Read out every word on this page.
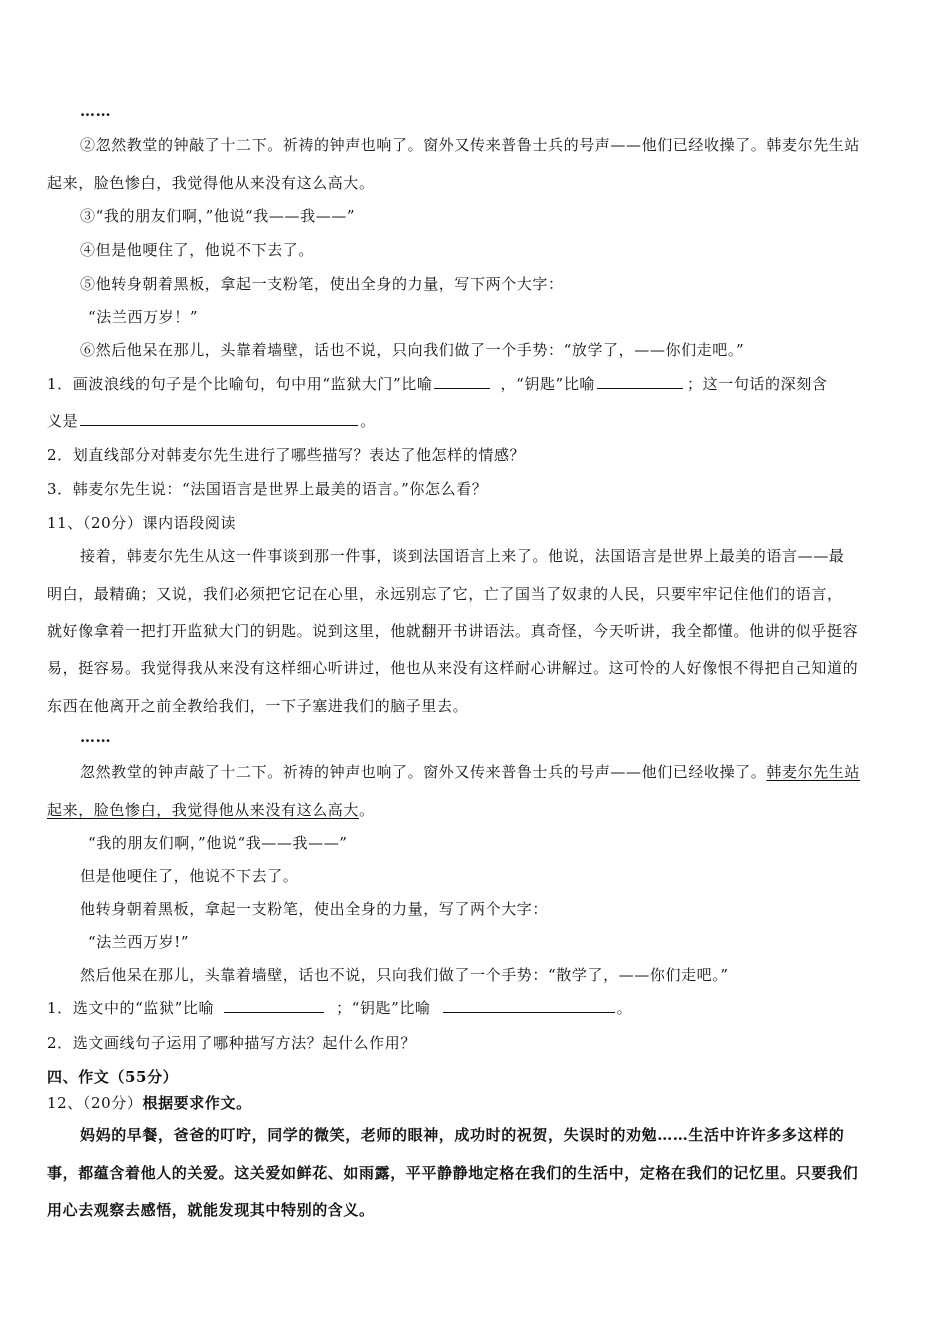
……
②忽然教堂的钟敲了十二下。祈祷的钟声也响了。窗外又传来普鲁士兵的号声——他们已经收操了。韩麦尔先生站
起来，脸色惨白，我觉得他从来没有这么高大。
③“我的朋友们啊，”他说“我——我——”
④但是他哽住了，他说不下去了。
⑤他转身朝着黑板，拿起一支粉笔，使出全身的力量，写下两个大字：
“法兰西万岁！”
⑥然后他呆在那儿，头靠着墙壁，话也不说，只向我们做了一个手势：“放学了，——你们走吧。”
1．画波浪线的句子是个比喻句，句中用“监狱大门”比喻	，“钥匙”比喻	；这一句话的深刻含
义是	。
2．划直线部分对韩麦尔先生进行了哪些描写？表达了他怎样的情感？
3．韩麦尔先生说：“法国语言是世界上最美的语言。”你怎么看？
11、（20分）课内语段阅读
接着，韩麦尔先生从这一件事谈到那一件事，谈到法国语言上来了。他说，法国语言是世界上最美的语言——最
明白，最精确；又说，我们必须把它记在心里，永远别忘了它，亡了国当了奴隶的人民，只要牢牢记住他们的语言，
就好像拿着一把打开监狱大门的钥匙。说到这里，他就翻开书讲语法。真奇怪，今天听讲，我全都懂。他讲的似乎挺容
易，挺容易。我觉得我从来没有这样细心听讲过，他也从来没有这样耐心讲解过。这可怜的人好像恨不得把自己知道的
东西在他离开之前全教给我们，一下子塞进我们的脑子里去。
……
忽然教堂的钟声敲了十二下。祈祷的钟声也响了。窗外又传来普鲁士兵的号声——他们已经收操了。韩麦尔先生站
起来，脸色惨白，我觉得他从来没有这么高大。
“我的朋友们啊，”他说“我——我——”
但是他哽住了，他说不下去了。
他转身朝着黑板，拿起一支粉笔，使出全身的力量，写了两个大字：
“法兰西万岁!”
然后他呆在那儿，头靠着墙壁，话也不说，只向我们做了一个手势：“散学了，——你们走吧。”
1．选文中的“监狱”比喻	；“钥匙”比喻	。
2．选文画线句子运用了哪种描写方法？起什么作用？
四、作文（55分）
12、（20分）根据要求作文。
妈妈的早餐，爸爸的叮咛，同学的微笑，老师的眼神，成功时的祝贺，失误时的劝勉……生活中许许多多这样的
事，都蕴含着他人的关爱。这关爱如鲜花、如雨露，平平静静地定格在我们的生活中，定格在我们的记忆里。只要我们
用心去观察去感悟，就能发现其中特别的含义。
